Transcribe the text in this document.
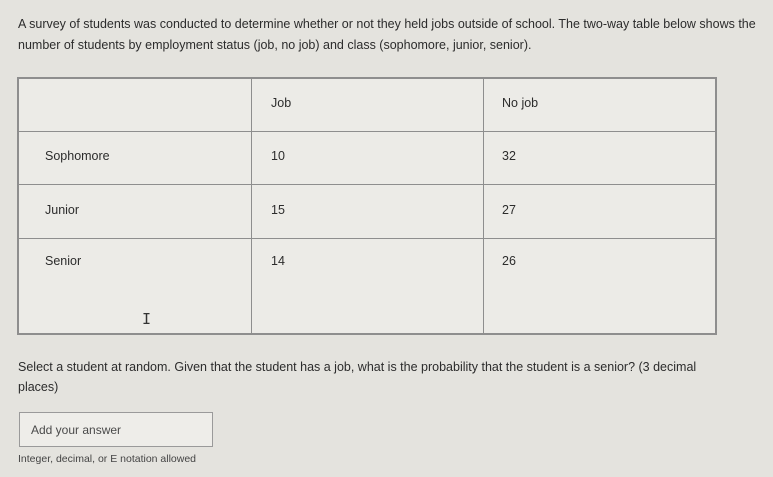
A survey of students was conducted to determine whether or not they held jobs outside of school. The two-way table below shows the number of students by employment status (job, no job) and class (sophomore, junior, senior).

	Job	No job
Sophomore	10	32
Junior	15	27
Senior	14	26
I

Select a student at random. Given that the student has a job, what is the probability that the student is a senior? (3 decimal places)

Add your answer
Integer, decimal, or E notation allowed
